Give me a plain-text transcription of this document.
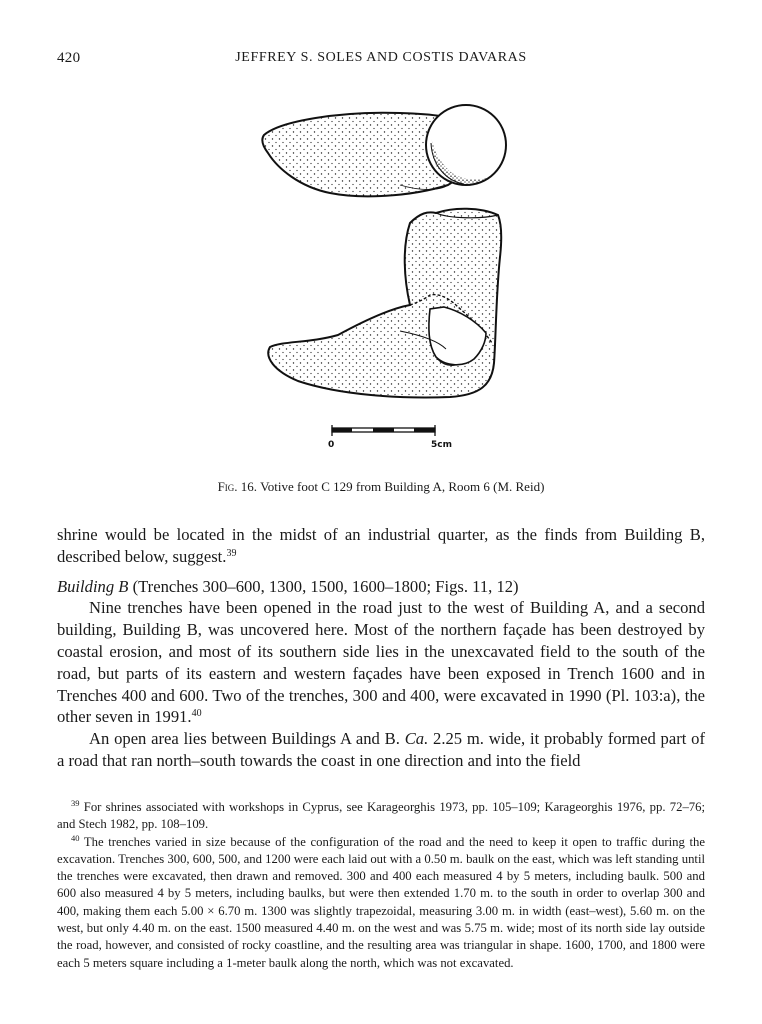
420	JEFFREY S. SOLES AND COSTIS DAVARAS
0	5cm
Fig. 16. Votive foot C 129 from Building A, Room 6 (M. Reid)

shrine would be located in the midst of an industrial quarter, as the finds from Building B, described below, suggest.$^{39}$

Building B (Trenches 300–600, 1300, 1500, 1600–1800; Figs. 11, 12)

Nine trenches have been opened in the road just to the west of Building A, and a second building, Building B, was uncovered here. Most of the northern façade has been destroyed by coastal erosion, and most of its southern side lies in the unexcavated field to the south of the road, but parts of its eastern and western façades have been exposed in Trench 1600 and in Trenches 400 and 600. Two of the trenches, 300 and 400, were excavated in 1990 (Pl. 103:a), the other seven in 1991.40

An open area lies between Buildings A and B. Ca. 2.25 m. wide, it probably formed part of a road that ran north–south towards the coast in one direction and into the field

$^{39}$ For shrines associated with workshops in Cyprus, see Karageorghis 1973, pp. 105–109; Karageorghis 1976, pp. 72–76; and Stech 1982, pp. 108–109.

$^{40}$ The trenches varied in size because of the configuration of the road and the need to keep it open to traffic during the excavation. Trenches 300, 600, 500, and 1200 were each laid out with a 0.50 m. baulk on the east, which was left standing until the trenches were excavated, then drawn and removed. 300 and 400 each measured 4 by 5 meters, including baulk. 500 and 600 also measured 4 by 5 meters, including baulks, but were then extended 1.70 m. to the south in order to overlap 300 and 400, making them each 5.00 × 6.70 m. 1300 was slightly trapezoidal, measuring 3.00 m. in width (east–west), 5.60 m. on the west, but only 4.40 m. on the east. 1500 measured 4.40 m. on the west and was 5.75 m. wide; most of its north side lay outside the road, however, and consisted of rocky coastline, and the resulting area was triangular in shape. 1600, 1700, and 1800 were each 5 meters square including a 1-meter baulk along the north, which was not excavated.
